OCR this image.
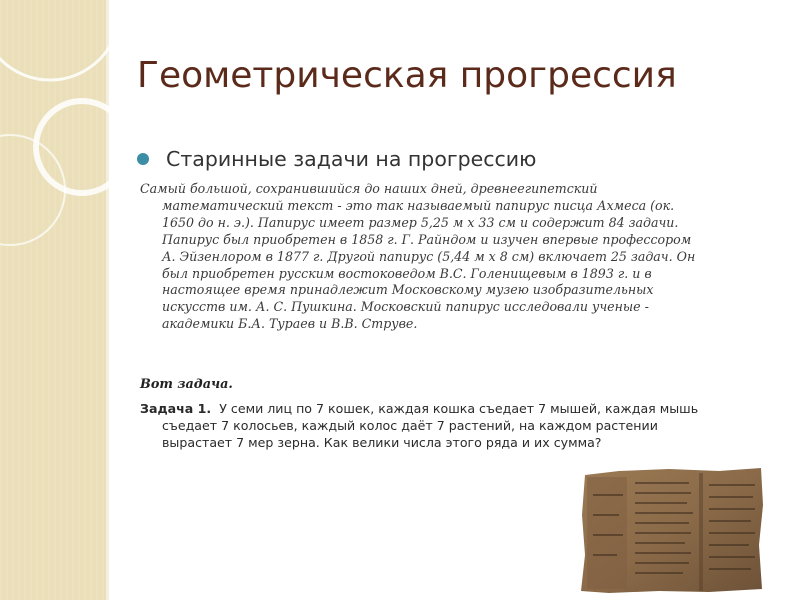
Геометрическая прогрессия
Старинные задачи на прогрессию
Самый большой, сохранившийся до наших дней, древнеегипетский математический текст - это так называемый папирус писца Ахмеса (ок. 1650 до н. э.). Папирус имеет размер 5,25 м х 33 см и содержит 84 задачи. Папирус был приобретен в 1858 г. Г. Райндом и изучен впервые профессором А. Эйзенлором в 1877 г. Другой папирус (5,44 м х 8 см) включает 25 задач. Он был приобретен русским востоковедом В.С. Голенищевым в 1893 г. и в настоящее время принадлежит Московскому музею изобразительных искусств им. А. С. Пушкина. Московский папирус исследовали ученые - академики Б.А. Тураев и В.В. Струве.
Вот задача.
Задача 1. У семи лиц по 7 кошек, каждая кошка съедает 7 мышей, каждая мышь съедает 7 колосьев, каждый колос даёт 7 растений, на каждом растении вырастает 7 мер зерна. Как велики числа этого ряда и их сумма?
